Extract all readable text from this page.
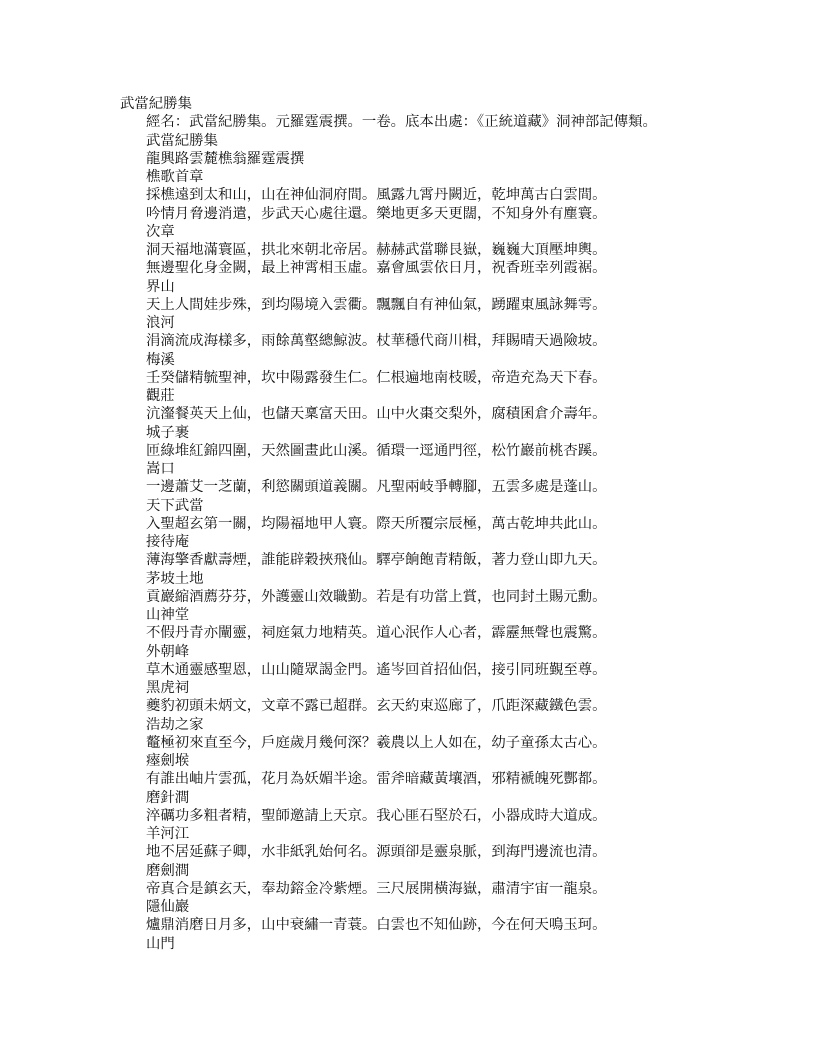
武當紀勝集
經名：武當紀勝集。元羅霆震撰。一卷。底本出處：《正統道藏》洞神部記傳類。
武當紀勝集
龍興路雲麓樵翁羅霆震撰
樵歌首章
採樵遠到太和山，山在神仙洞府間。風露九霄丹闕近，乾坤萬古白雲間。
吟情月脅邊消遣，步武天心處往還。樂地更多天更闊，不知身外有塵寰。
次章
洞天福地滿寰區，拱北來朝北帝居。赫赫武當聯艮嶽，巍巍大頂壓坤輿。
無邊聖化身金闕，最上神霄相玉虛。嘉會風雲依日月，祝香班幸列霞裾。
界山
天上人間娃步殊，到均陽境入雲衢。飄飄自有神仙氣，踴躍東風詠舞雩。
浪河
涓滴流成海樣多，雨餘萬壑總鯨波。杖華穩代商川楫，拜賜晴天過險坡。
梅溪
壬癸儲精毓聖神，坎中陽露發生仁。仁根遍地南枝暖，帝造充為天下春。
觀莊
沆瀣餐英天上仙，也儲天稟富天田。山中火棗交梨外，腐積囷倉介壽年。
城子裹
匝綠堆紅錦四圍，天然圖畫此山溪。循環一逕通門徑，松竹巖前桃杏蹊。
嵩口
一邊蕭艾一芝蘭，利慾關頭道義關。凡聖兩岐爭轉腳，五雲多處是蓬山。
天下武當
入聖超玄第一關，均陽福地甲人寰。際天所覆宗辰極，萬古乾坤共此山。
接待庵
薄海擎香獻壽煙，誰能辟穀挾飛仙。驛亭餉飽青精飯，著力登山即九天。
茅坡土地
貢巖縮酒薦芬芬，外護靈山效職勤。若是有功當上賞，也同封土賜元勳。
山神堂
不假丹青亦闡靈，祠庭氣力地精英。道心泯作人心者，霹靂無聲也震驚。
外朝峰
草木通靈感聖恩，山山隨眾謁金門。遙岑回首招仙侶，接引同班覲至尊。
黑虎祠
夔豹初頭未炳文，文章不露已超群。玄天約束巡廊了，爪距深藏鐵色雲。
浩劫之家
鼇極初來直至今，戶庭歲月幾何深？羲農以上人如在，幼子童孫太古心。
瘞劍堠
有誰出岫片雲孤，花月為妖媚半途。雷斧暗藏黃壤酒，邪精褫魄死酆都。
磨針澗
淬礪功多粗者精，聖師邀請上天京。我心匪石堅於石，小器成時大道成。
羊河江
地不居延蘇子卿，水非紙乳始何名。源頭卻是靈泉脈，到海門邊流也清。
磨劍澗
帝真合是鎮玄天，奉劫鎔金冷紫煙。三尺展開橫海嶽，肅清宇宙一龍泉。
隱仙巖
爐鼎消磨日月多，山中衰繡一青蓑。白雲也不知仙跡，今在何天鳴玉珂。
山門
